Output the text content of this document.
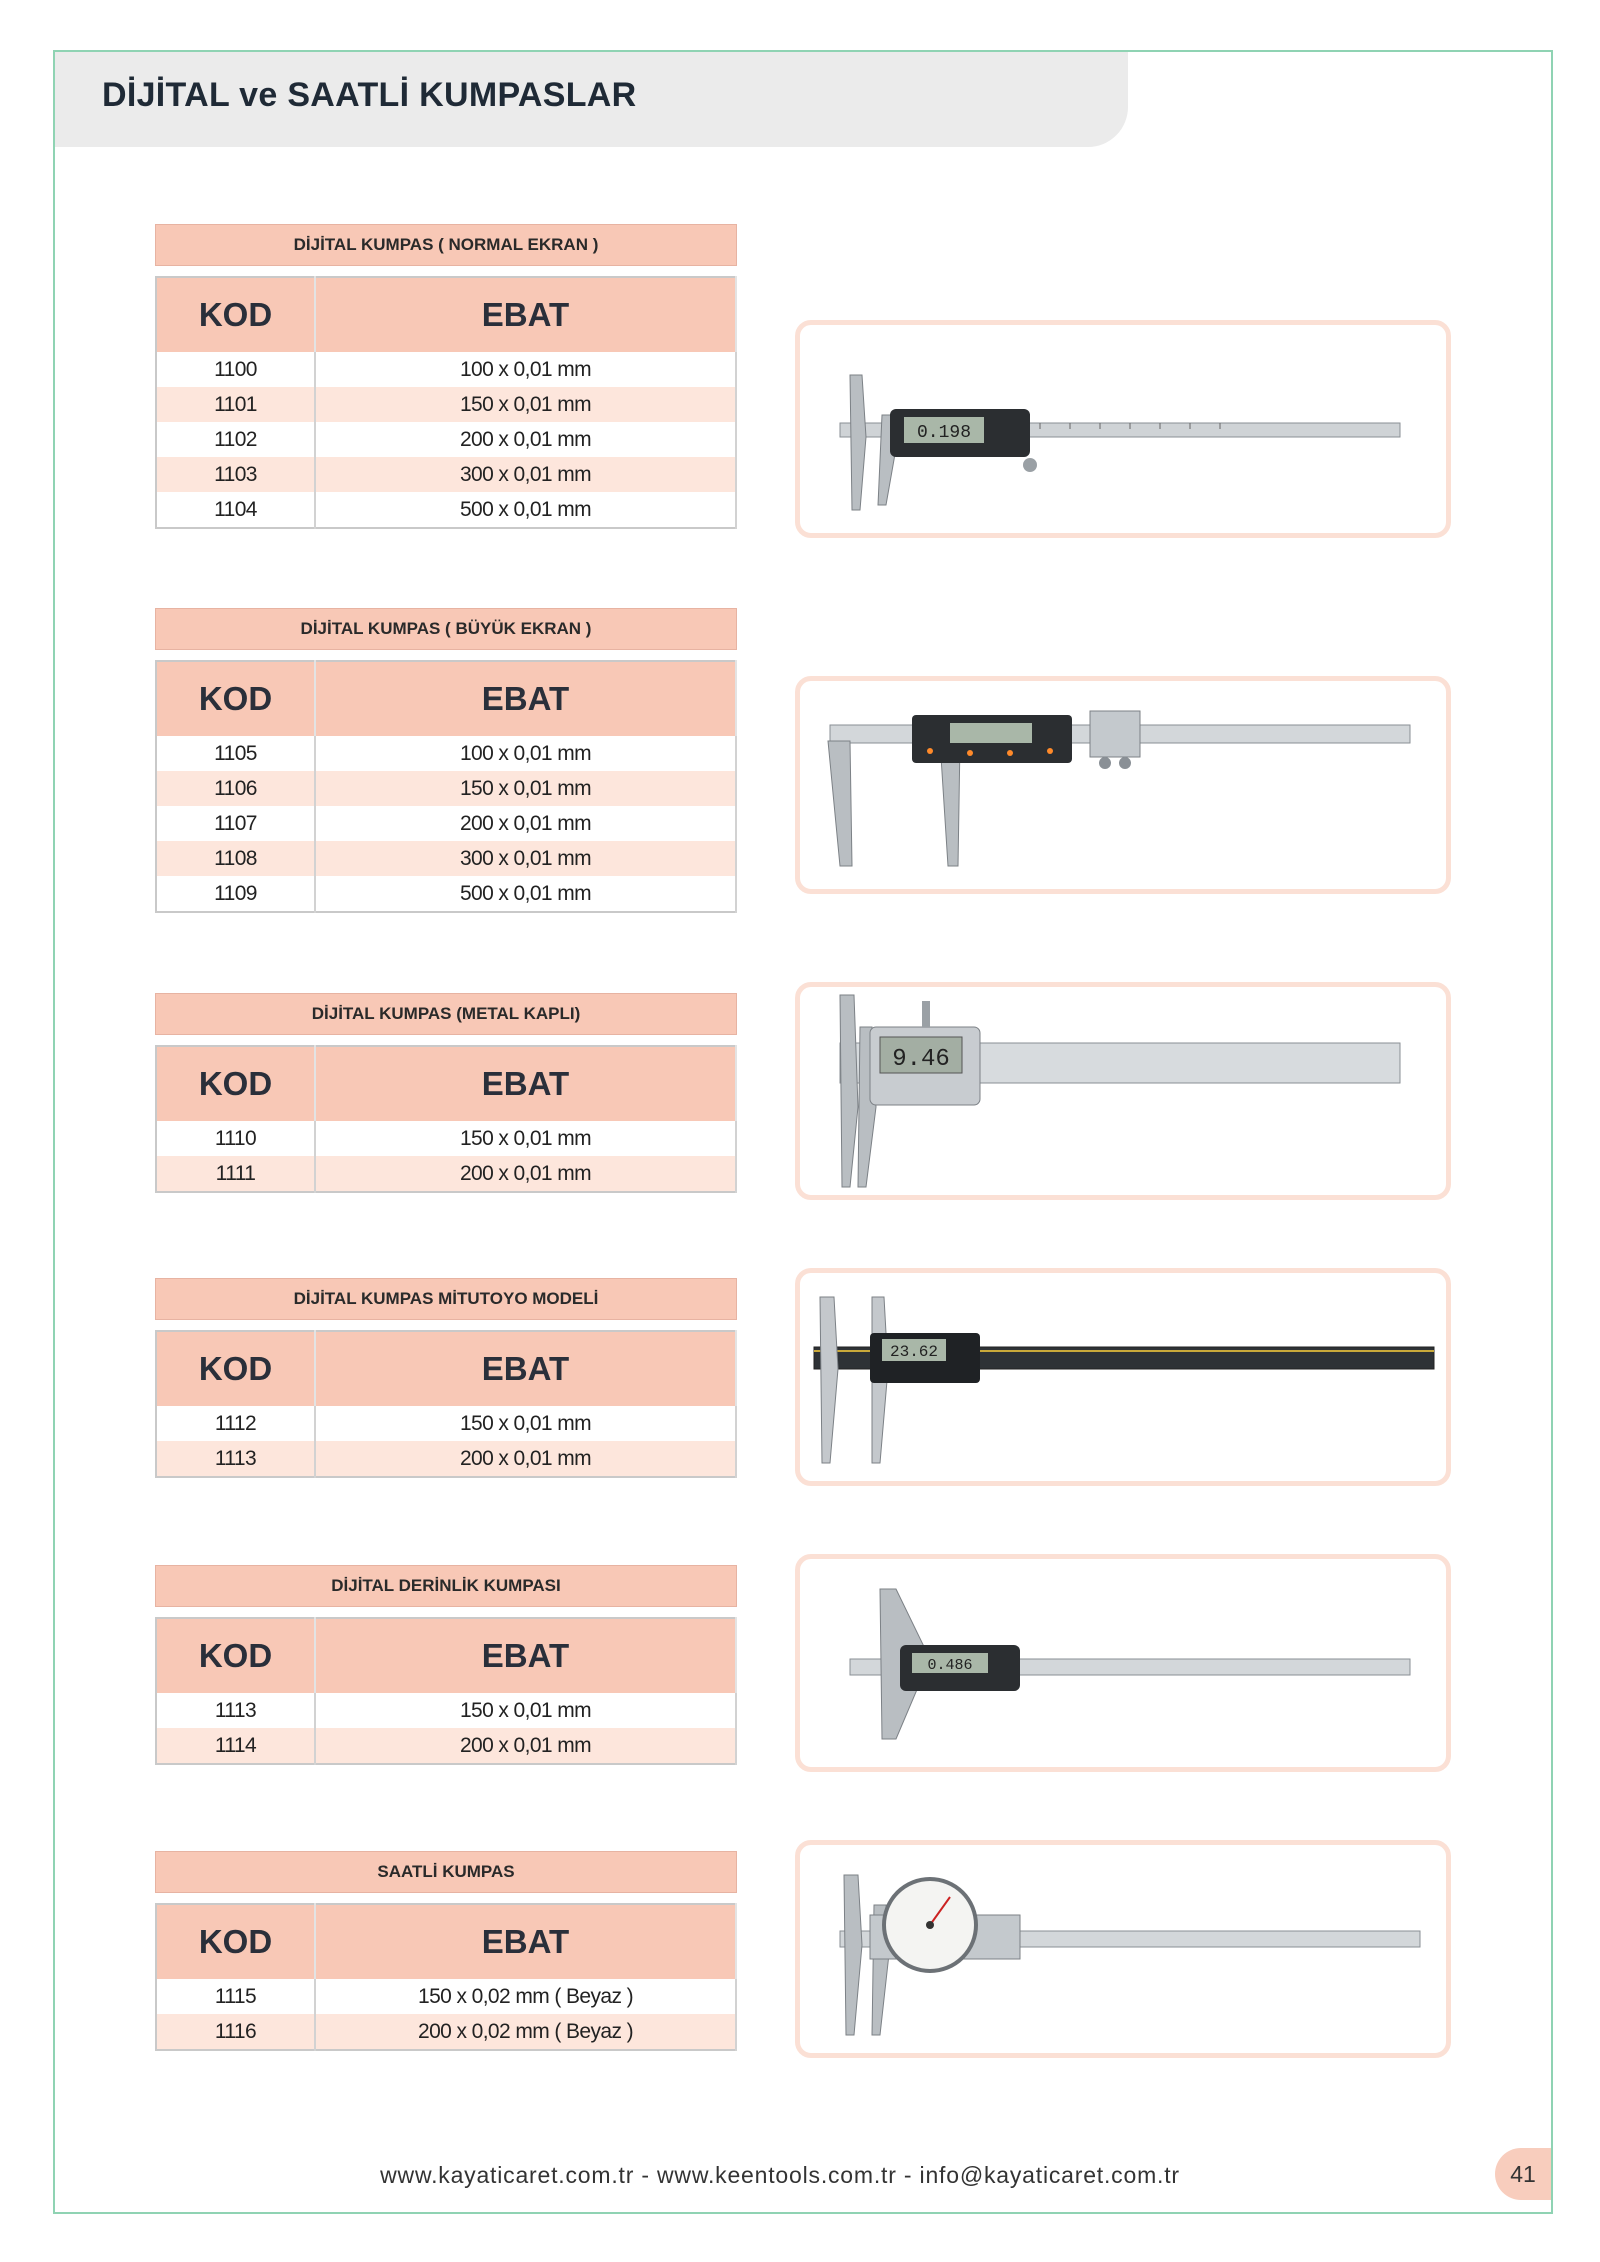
DİJİTAL ve SAATLİ KUMPASLAR
DİJİTAL KUMPAS ( NORMAL EKRAN )
KOD	EBAT
1100	100 x 0,01 mm
1101	150 x 0,01 mm
1102	200 x 0,01 mm
1103	300 x 0,01 mm
1104	500 x 0,01 mm
0.198
DİJİTAL KUMPAS ( BÜYÜK EKRAN )
KOD	EBAT
1105	100 x 0,01 mm
1106	150 x 0,01 mm
1107	200 x 0,01 mm
1108	300 x 0,01 mm
1109	500 x 0,01 mm
DİJİTAL KUMPAS (METAL KAPLI)
KOD	EBAT
1110	150 x 0,01 mm
1111	200 x 0,01 mm
9.46
DİJİTAL KUMPAS MİTUTOYO MODELİ
KOD	EBAT
1112	150 x 0,01 mm
1113	200 x 0,01 mm
23.62
DİJİTAL DERİNLİK KUMPASI
KOD	EBAT
1113	150 x 0,01 mm
1114	200 x 0,01 mm
0.486
SAATLİ KUMPAS
KOD	EBAT
1115	150 x 0,02 mm ( Beyaz )
1116	200 x 0,02 mm ( Beyaz )
www.kayaticaret.com.tr - www.keentools.com.tr - info@kayaticaret.com.tr	41
